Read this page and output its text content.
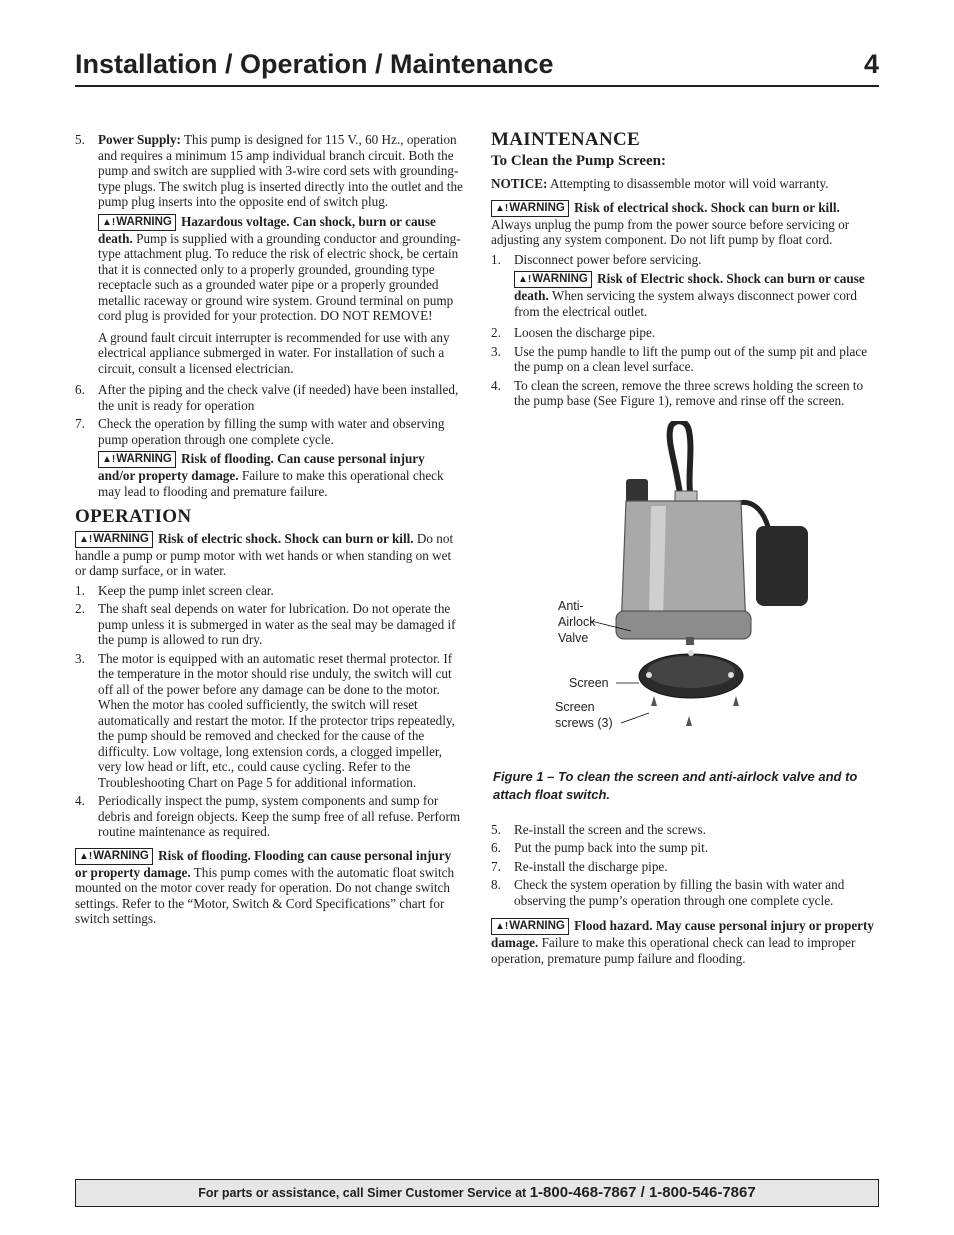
Installation / Operation / Maintenance	4
5. Power Supply: This pump is designed for 115 V., 60 Hz., operation and requires a minimum 15 amp individual branch circuit. Both the pump and switch are supplied with 3-wire cord sets with grounding-type plugs. The switch plug is inserted directly into the outlet and the pump plug inserts into the opposite end of switch plug.
▲!WARNING Hazardous voltage. Can shock, burn or cause death. Pump is supplied with a grounding conductor and grounding-type attachment plug. To reduce the risk of electric shock, be certain that it is connected only to a properly grounded, grounding type receptacle such as a grounded water pipe or a properly grounded metallic raceway or ground wire system. Ground terminal on pump cord plug is provided for your protection. DO NOT REMOVE!
A ground fault circuit interrupter is recommended for use with any electrical appliance submerged in water. For installation of such a circuit, consult a licensed electrician.
6. After the piping and the check valve (if needed) have been installed, the unit is ready for operation
7. Check the operation by filling the sump with water and observing pump operation through one complete cycle.
▲!WARNING Risk of flooding. Can cause personal injury and/or property damage. Failure to make this operational check may lead to flooding and premature failure.
OPERATION
▲!WARNING Risk of electric shock. Shock can burn or kill. Do not handle a pump or pump motor with wet hands or when standing on wet or damp surface, or in water.
1. Keep the pump inlet screen clear.
2. The shaft seal depends on water for lubrication. Do not operate the pump unless it is submerged in water as the seal may be damaged if the pump is allowed to run dry.
3. The motor is equipped with an automatic reset thermal protector. If the temperature in the motor should rise unduly, the switch will cut off all of the power before any damage can be done to the motor. When the motor has cooled sufficiently, the switch will reset automatically and restart the motor. If the protector trips repeatedly, the pump should be removed and checked for the cause of the difficulty. Low voltage, long extension cords, a clogged impeller, very low head or lift, etc., could cause cycling. Refer to the Troubleshooting Chart on Page 5 for additional information.
4. Periodically inspect the pump, system components and sump for debris and foreign objects. Keep the sump free of all refuse. Perform routine maintenance as required.
▲!WARNING Risk of flooding. Flooding can cause personal injury or property damage. This pump comes with the automatic float switch mounted on the motor cover ready for operation. Do not change switch settings. Refer to the “Motor, Switch & Cord Specifications” chart for switch settings.
MAINTENANCE
To Clean the Pump Screen:
NOTICE: Attempting to disassemble motor will void warranty.
▲!WARNING Risk of electrical shock. Shock can burn or kill. Always unplug the pump from the power source before servicing or adjusting any system component. Do not lift pump by float cord.
1. Disconnect power before servicing.
▲!WARNING Risk of Electric shock. Shock can burn or cause death. When servicing the system always disconnect power cord from the electrical outlet.
2. Loosen the discharge pipe.
3. Use the pump handle to lift the pump out of the sump pit and place the pump on a clean level surface.
4. To clean the screen, remove the three screws holding the screen to the pump base (See Figure 1), remove and rinse off the screen.
Anti-
Airlock
Valve
Screen
Screen
screws (3)
Figure 1 – To clean the screen and anti-airlock valve and to attach float switch.
5. Re-install the screen and the screws.
6. Put the pump back into the sump pit.
7. Re-install the discharge pipe.
8. Check the system operation by filling the basin with water and observing the pump’s operation through one complete cycle.
▲!WARNING Flood hazard. May cause personal injury or property damage. Failure to make this operational check can lead to improper operation, premature pump failure and flooding.
For parts or assistance, call Simer Customer Service at 1-800-468-7867 / 1-800-546-7867
